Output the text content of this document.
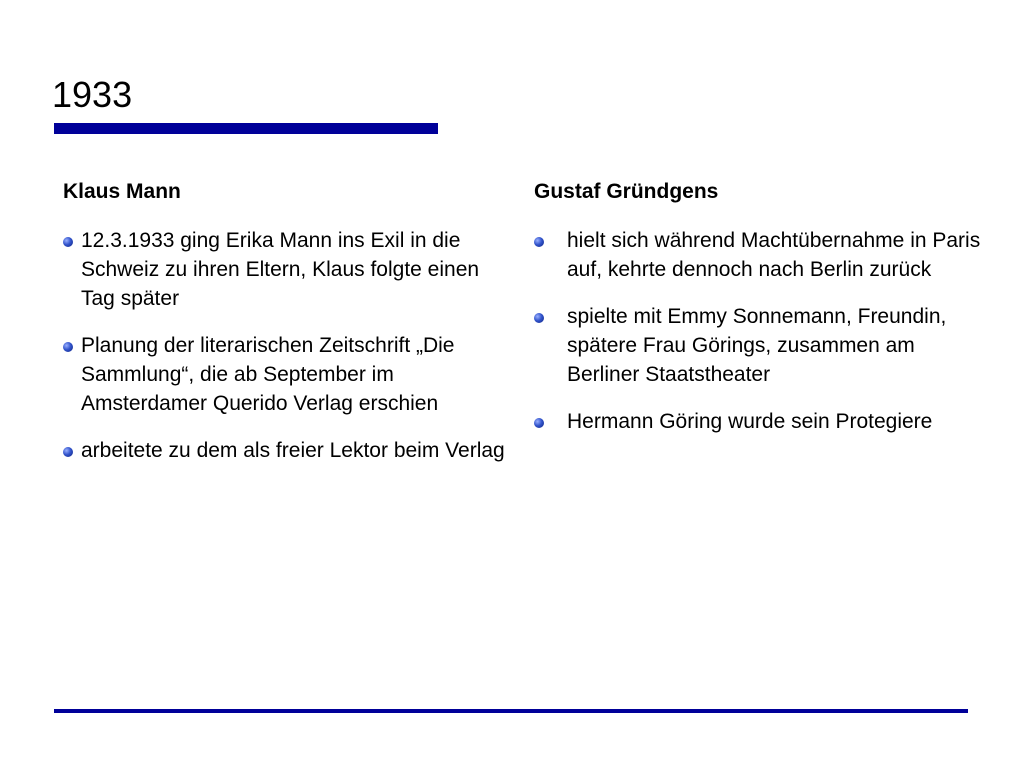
1933
Klaus Mann
12.3.1933 ging Erika Mann ins Exil in die Schweiz zu ihren Eltern, Klaus folgte einen Tag später
Planung der literarischen Zeitschrift „Die Sammlung“, die ab September im Amsterdamer Querido Verlag erschien
arbeitete zu dem als freier Lektor beim Verlag
Gustaf Gründgens
hielt sich während Machtübernahme in Paris auf, kehrte dennoch nach Berlin zurück
spielte mit Emmy Sonnemann, Freundin, spätere Frau Görings, zusammen am Berliner Staatstheater
Hermann Göring wurde sein Protegiere
